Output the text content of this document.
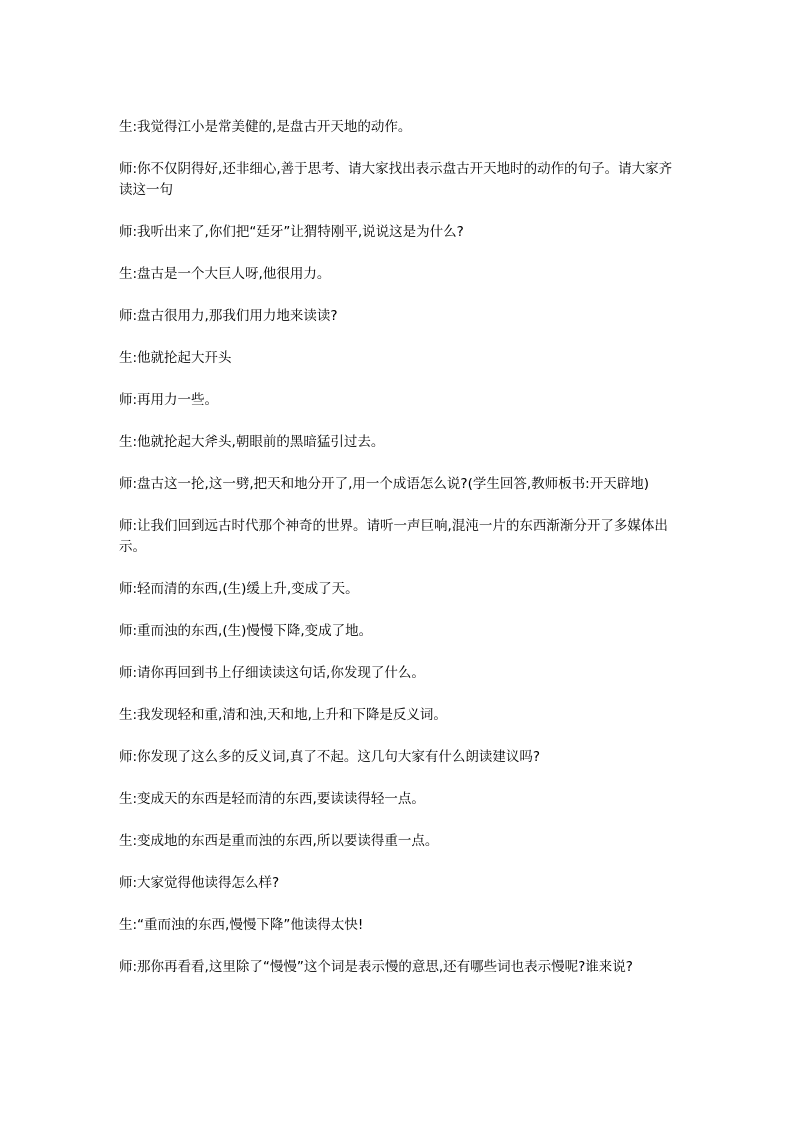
生:我觉得江小是常美健的,是盘古开天地的动作。

师:你不仅阴得好,还非细心,善于思考、请大家找出表示盘古开天地时的动作的句子。请大家齐读这一句

师:我听出来了,你们把“廷牙”让猬特刚平,说说这是为什么?

生:盘古是一个大巨人呀,他很用力。

师:盘古很用力,那我们用力地来读读?

生:他就抡起大幵头

师:再用力一些。

生:他就抡起大斧头,朝眼前的黑暗猛引过去。

师:盘古这一抡,这一劈,把天和地分开了,用一个成语怎么说?(学生回答,教师板书:开天辟地)

师:让我们回到远古时代那个神奇的世界。请听一声巨响,混沌一片的东西渐渐分开了多媒体出示。

师:轻而清的东西,(生)缓上升,变成了天。

师:重而浊的东西,(生)慢慢下降,变成了地。

师:请你再回到书上仔细读读这句话,你发现了什么。

生:我发现轻和重,清和浊,天和地,上升和下降是反义词。

师:你发现了这么多的反义词,真了不起。这几句大家有什么朗读建议吗?

生:变成天的东西是轻而清的东西,要读读得轻一点。

生:变成地的东西是重而浊的东西,所以要读得重一点。

师:大家觉得他读得怎么样?

生:“重而浊的东西,慢慢下降”他读得太快!

师:那你再看看,这里除了“慢慢”这个词是表示慢的意思,还有哪些词也表示慢呢?谁来说?
